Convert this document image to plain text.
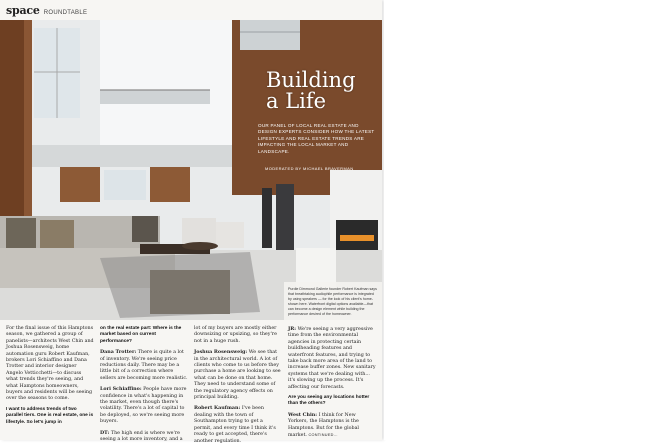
space ROUNDTABLE
Building
a Life

OUR PANEL OF LOCAL REAL ESTATE AND DESIGN EXPERTS CONSIDER HOW THE LATEST LIFESTYLE AND REAL ESTATE TRENDS ARE IMPACTING THE LOCAL MARKET AND LANDSCAPE.

MODERATED BY MICHAEL BRAVERMAN

Purdie Dimmond Gallerie founder Robert Kaufman says that breathtaking audiophile performance is integrated by using speakers — for the look of his client's home-shown here. Waterfront digital options available—that can become a design element while building the performance desired of the homeowner.

For the final issue of this Hamptons season, we gathered a group of panelists—architects West Chin and Joshua Rosensweig, home automation guru Robert Kaufman, brokers Lori Schiaffino and Dana Trotter and interior designer Angelo Vetticchetti—to discuss what trends they're seeing, and what Hamptons homeowners, buyers and residents will be seeing over the seasons to come.

I want to address trends of two parallel tiers. One is real estate, one is lifestyle. So let's jump in

on the real estate part: Where is the market based on current performance?

Dana Trotter: There is quite a lot of inventory. We're seeing price reductions daily. There may be a little bit of a correction where sellers are becoming more realistic.

Lori Schiaffino: People have more confidence in what's happening in the market, even though there's volatility. There's a lot of capital to be deployed, so we're seeing more buyers.

DT: The high end is where we're seeing a lot more inventory, and a

lot of my buyers are mostly either downsizing or upsizing, so they're not in a huge rush.

Joshua Rosensweig: We see that in the architectural world. A lot of clients who come to us before they purchase a home are looking to see what can be done on that home. They need to understand some of the regulatory agency effects on principal building.

Robert Kaufman: I've been dealing with the town of Southampton trying to get a permit, and every time I think it's ready to get accepted, there's another regulation.

JR: We're seeing a very aggressive time from the environmental agencies in protecting certain buildheading features and waterfront features, and trying to take back more area of the land to increase buffer zones. New sanitary systems that we're dealing with... it's slowing up the process. It's affecting our forecasts.

Are you seeing any locations hotter than the others?

West Chin: I think for New Yorkers, the Hamptons is the Hamptons. But for the global market. CONTINUED...
